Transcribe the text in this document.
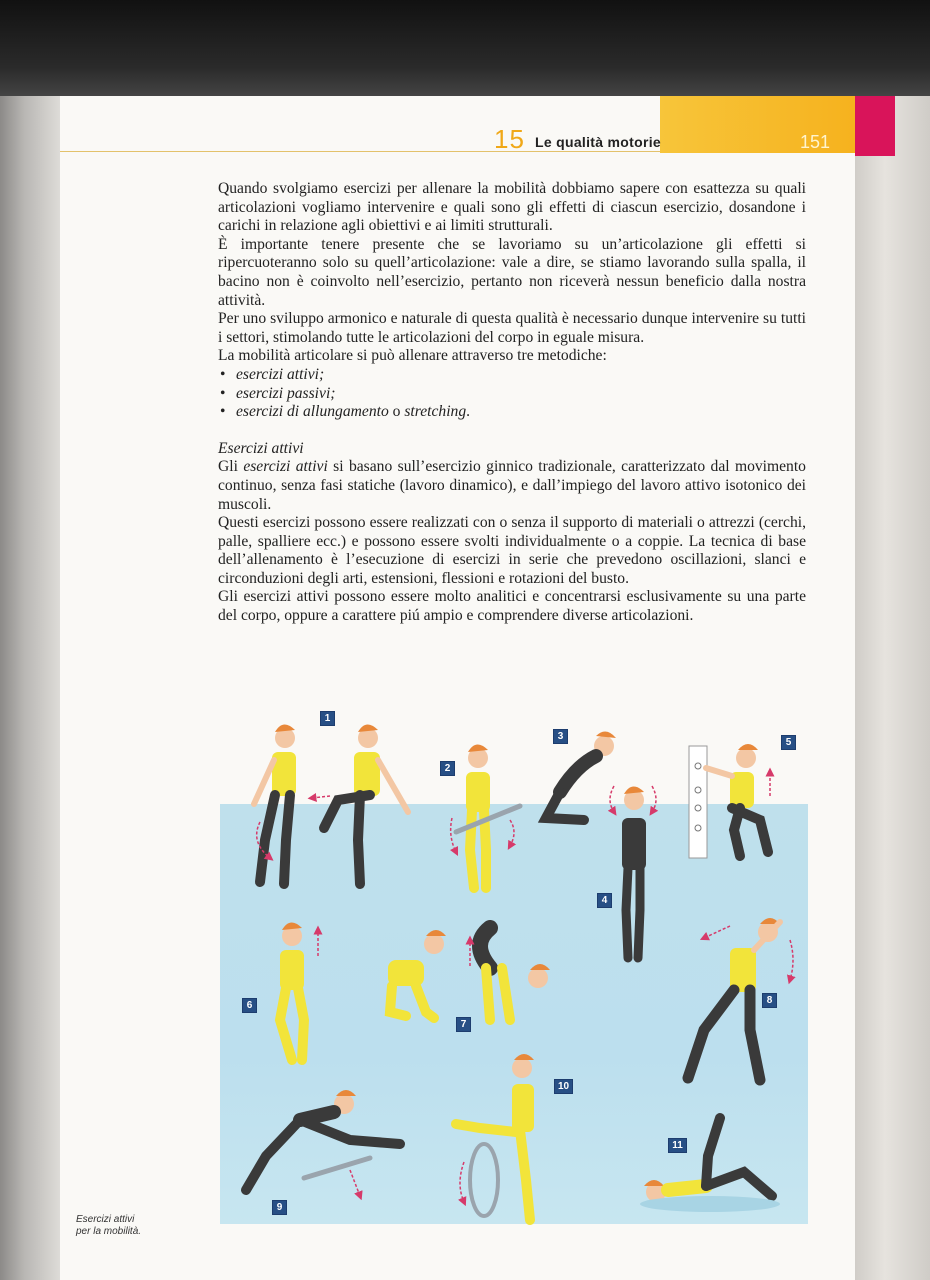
15 Le qualità motorie	151

Quando svolgiamo esercizi per allenare la mobilità dobbiamo sapere con esattezza su quali articolazioni vogliamo intervenire e quali sono gli effetti di ciascun esercizio, dosandone i carichi in relazione agli obiettivi e ai limiti strutturali.

È importante tenere presente che se lavoriamo su un’articolazione gli effetti si ripercuoteranno solo su quell’articolazione: vale a dire, se stiamo lavorando sulla spalla, il bacino non è coinvolto nell’esercizio, pertanto non riceverà nessun beneficio dalla nostra attività.

Per uno sviluppo armonico e naturale di questa qualità è necessario dunque intervenire su tutti i settori, stimolando tutte le articolazioni del corpo in eguale misura.

La mobilità articolare si può allenare attraverso tre metodiche:

• esercizi attivi;
• esercizi passivi;
• esercizi di allungamento o stretching.

Esercizi attivi

Gli esercizi attivi si basano sull’esercizio ginnico tradizionale, caratterizzato dal movimento continuo, senza fasi statiche (lavoro dinamico), e dall’impiego del lavoro attivo isotonico dei muscoli.

Questi esercizi possono essere realizzati con o senza il supporto di materiali o attrezzi (cerchi, palle, spalliere ecc.) e possono essere svolti individualmente o a coppie. La tecnica di base dell’allenamento è l’esecuzione di esercizi in serie che prevedono oscillazioni, slanci e circonduzioni degli arti, estensioni, flessioni e rotazioni del busto.

Gli esercizi attivi possono essere molto analitici e concentrarsi esclusivamente su una parte del corpo, oppure a carattere piú ampio e comprendere diverse articolazioni.

1
2
3
4
5
6
7
8
9
10
11
Esercizi attivi
per la mobilità.
